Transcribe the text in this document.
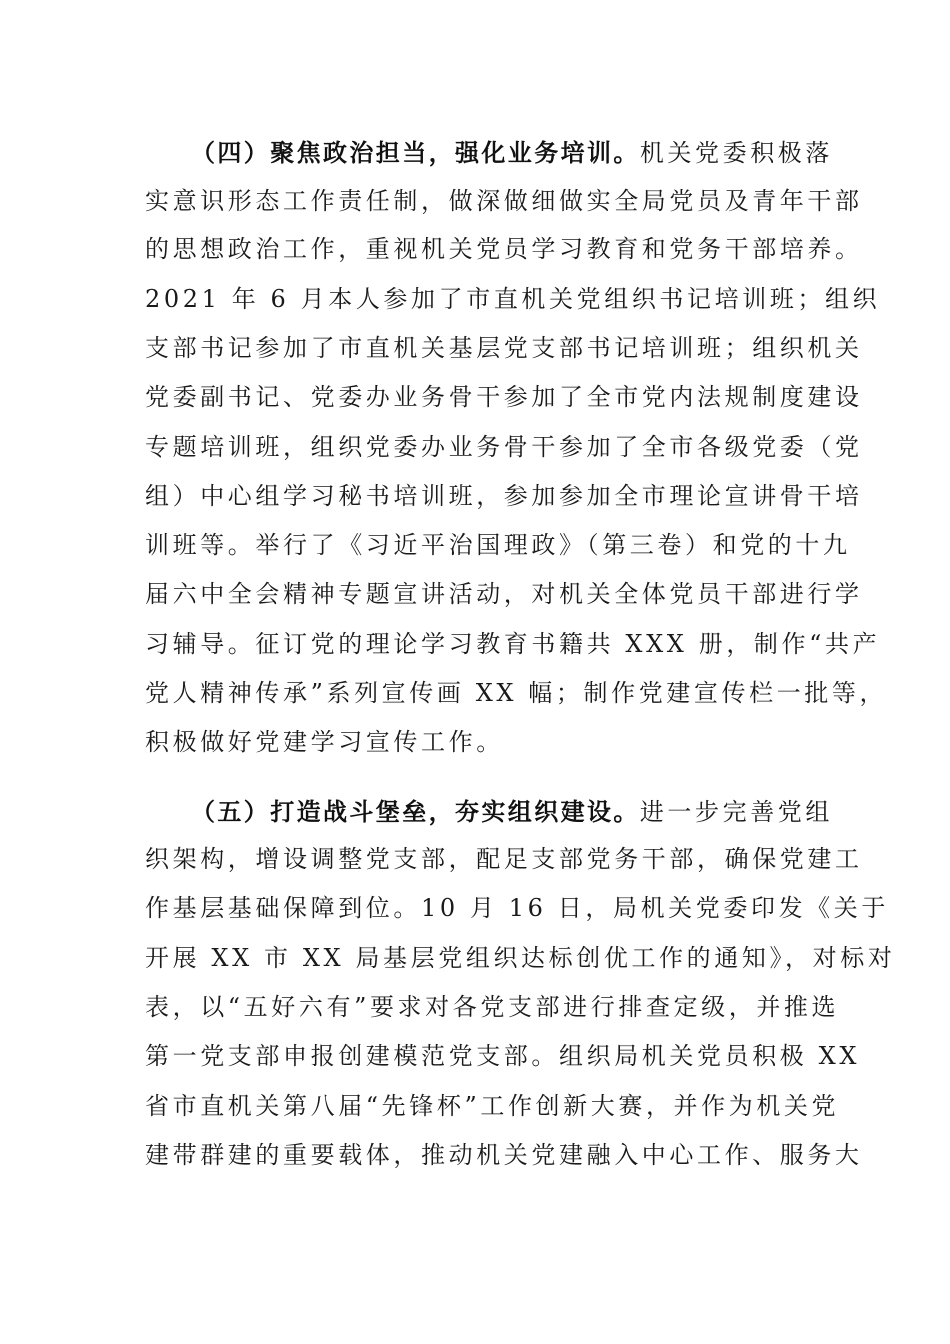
（四）聚焦政治担当，强化业务培训。机关党委积极落
实意识形态工作责任制，做深做细做实全局党员及青年干部
的思想政治工作，重视机关党员学习教育和党务干部培养。
2021 年 6 月本人参加了市直机关党组织书记培训班；组织
支部书记参加了市直机关基层党支部书记培训班；组织机关
党委副书记、党委办业务骨干参加了全市党内法规制度建设
专题培训班，组织党委办业务骨干参加了全市各级党委（党
组）中心组学习秘书培训班，参加参加全市理论宣讲骨干培
训班等。举行了《习近平治国理政》（第三卷）和党的十九
届六中全会精神专题宣讲活动，对机关全体党员干部进行学
习辅导。征订党的理论学习教育书籍共 XXX 册，制作“共产
党人精神传承”系列宣传画 XX 幅；制作党建宣传栏一批等，
积极做好党建学习宣传工作。
（五）打造战斗堡垒，夯实组织建设。进一步完善党组
织架构，增设调整党支部，配足支部党务干部，确保党建工
作基层基础保障到位。10 月 16 日，局机关党委印发《关于
开展 XX 市 XX 局基层党组织达标创优工作的通知》，对标对
表，以“五好六有”要求对各党支部进行排查定级，并推选
第一党支部申报创建模范党支部。组织局机关党员积极 XX
省市直机关第八届“先锋杯”工作创新大赛，并作为机关党
建带群建的重要载体，推动机关党建融入中心工作、服务大
